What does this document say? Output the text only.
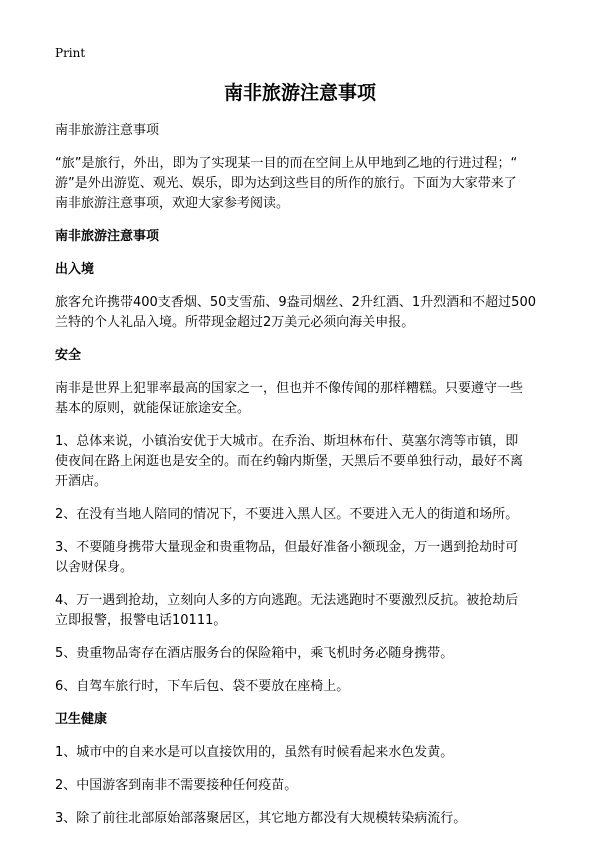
Print
南非旅游注意事项
南非旅游注意事项
“旅”是旅行，外出，即为了实现某一目的而在空间上从甲地到乙地的行进过程；“
游”是外出游览、观光、娱乐，即为达到这些目的所作的旅行。下面为大家带来了
南非旅游注意事项，欢迎大家参考阅读。
南非旅游注意事项
出入境
旅客允许携带400支香烟、50支雪茄、9盎司烟丝、2升红酒、1升烈酒和不超过500
兰特的个人礼品入境。所带现金超过2万美元必须向海关申报。
安全
南非是世界上犯罪率最高的国家之一，但也并不像传闻的那样糟糕。只要遵守一些
基本的原则，就能保证旅途安全。
1、总体来说，小镇治安优于大城市。在乔治、斯坦林布什、莫塞尔湾等市镇，即
使夜间在路上闲逛也是安全的。而在约翰内斯堡，天黑后不要单独行动，最好不离
开酒店。
2、在没有当地人陪同的情况下，不要进入黑人区。不要进入无人的街道和场所。
3、不要随身携带大量现金和贵重物品，但最好准备小额现金，万一遇到抢劫时可
以舍财保身。
4、万一遇到抢劫，立刻向人多的方向逃跑。无法逃跑时不要激烈反抗。被抢劫后
立即报警，报警电话10111。
5、贵重物品寄存在酒店服务台的保险箱中，乘飞机时务必随身携带。
6、自驾车旅行时，下车后包、袋不要放在座椅上。
卫生健康
1、城市中的自来水是可以直接饮用的，虽然有时候看起来水色发黄。
2、中国游客到南非不需要接种任何疫苗。
3、除了前往北部原始部落聚居区，其它地方都没有大规模转染病流行。
